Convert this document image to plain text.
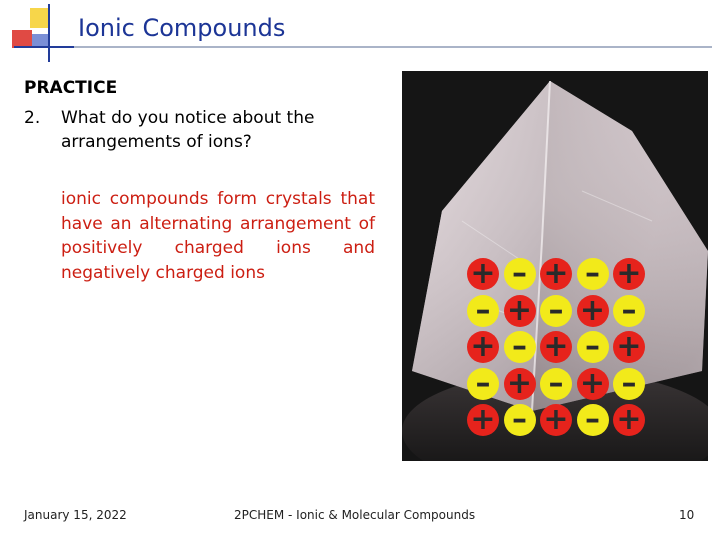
Ionic Compounds
PRACTICE
2. What do you notice about the arrangements of ions?
ionic compounds form crystals that have an alternating arrangement of positively charged ions and negatively charged ions	+ – + – +
– + – + –
+ – + – +
– + – + –
+ – + – +
January 15, 2022	2PCHEM - Ionic & Molecular Compounds	10
